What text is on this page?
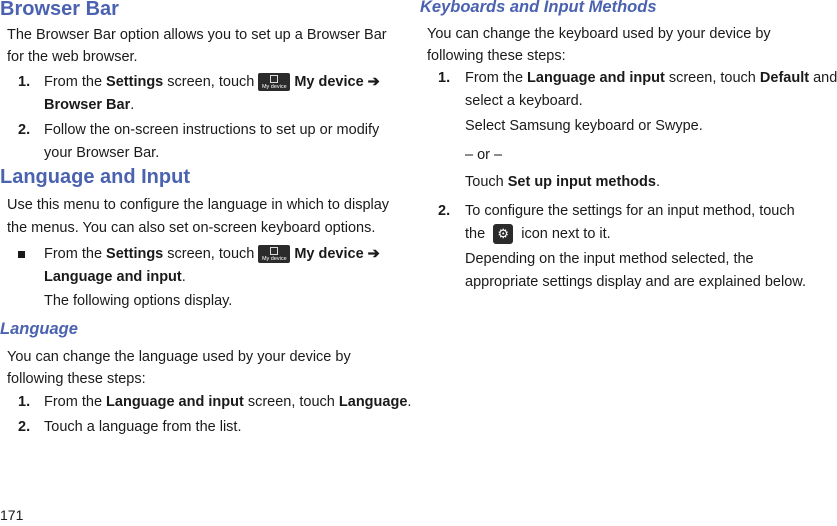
Browser Bar
The Browser Bar option allows you to set up a Browser Bar
for the web browser.
1. From the Settings screen, touch	My device My device ➔
Browser Bar.
2. Follow the on-screen instructions to set up or modify
your Browser Bar.
Language and Input
Use this menu to configure the language in which to display
the menus. You can also set on-screen keyboard options.
From the Settings screen, touch	My device My device ➔
Language and input.
The following options display.
Language
You can change the language used by your device by
following these steps:
1. From the Language and input screen, touch Language.
2. Touch a language from the list.
171
Keyboards and Input Methods
You can change the keyboard used by your device by
following these steps:
1. From the Language and input screen, touch Default and
select a keyboard.
Select Samsung keyboard or Swype.
– or –
Touch Set up input methods.
2. To configure the settings for an input method, touch
the ⚙ icon next to it.
Depending on the input method selected, the
appropriate settings display and are explained below.
